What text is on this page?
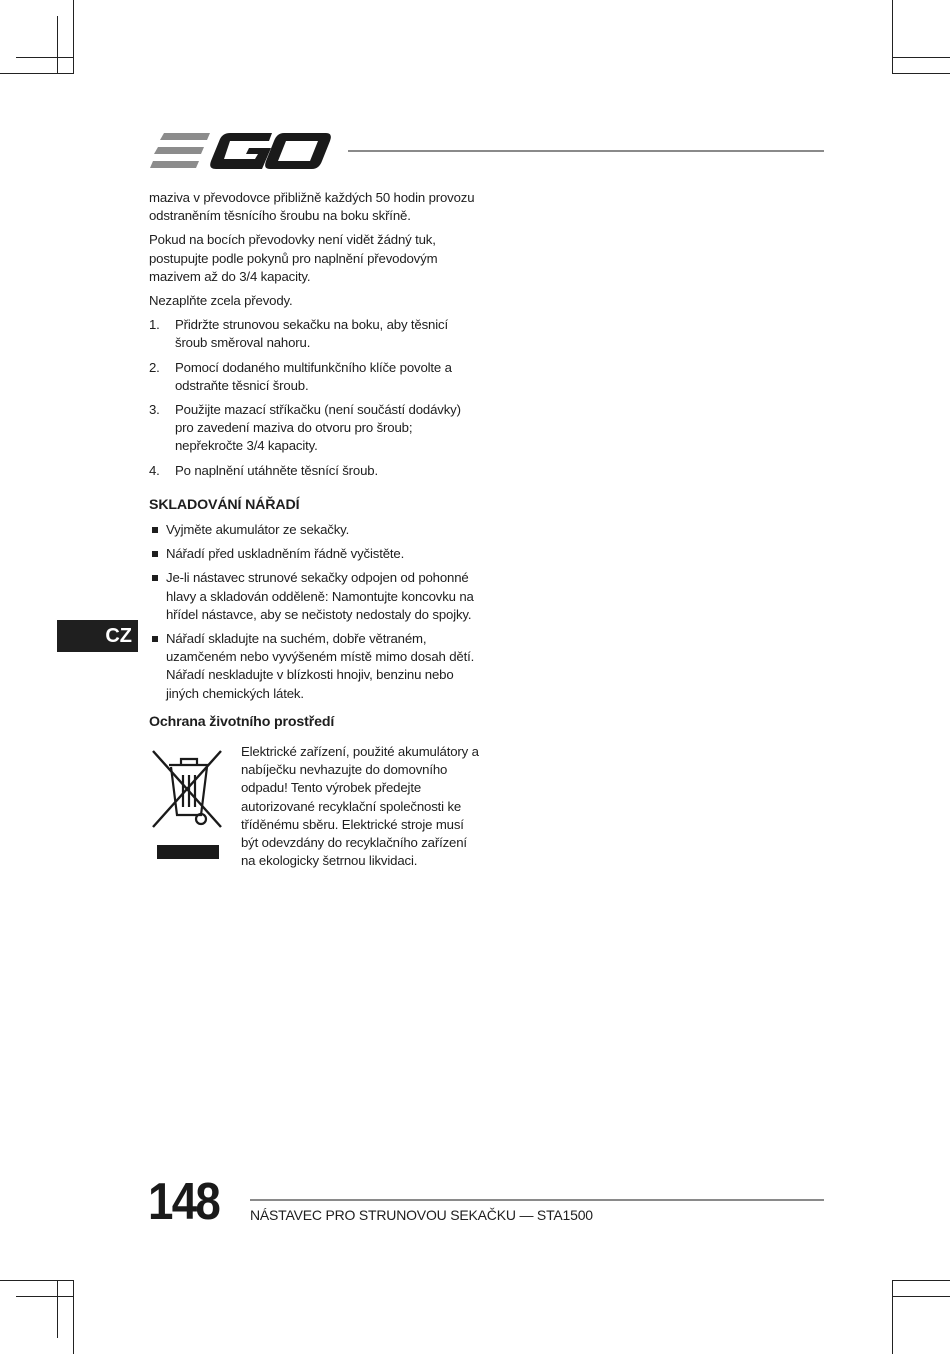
maziva v převodovce přibližně každých 50 hodin provozu odstraněním těsnícího šroubu na boku skříně.

Pokud na bocích převodovky není vidět žádný tuk, postupujte podle pokynů pro naplnění převodovým mazivem až do 3/4 kapacity.

Nezaplňte zcela převody.

1. Přidržte strunovou sekačku na boku, aby těsnicí šroub směroval nahoru.
2. Pomocí dodaného multifunkčního klíče povolte a odstraňte těsnicí šroub.
3. Použijte mazací stříkačku (není součástí dodávky) pro zavedení maziva do otvoru pro šroub; nepřekročte 3/4 kapacity.
4. Po naplnění utáhněte těsnící šroub.
SKLADOVÁNÍ NÁŘADÍ
Vyjměte akumulátor ze sekačky.
Nářadí před uskladněním řádně vyčistěte.
Je-li nástavec strunové sekačky odpojen od pohonné hlavy a skladován odděleně: Namontujte koncovku na hřídel nástavce, aby se nečistoty nedostaly do spojky.
Nářadí skladujte na suchém, dobře větraném, uzamčeném nebo vyvýšeném místě mimo dosah dětí. Nářadí neskladujte v blízkosti hnojiv, benzinu nebo jiných chemických látek.
Ochrana životního prostředí
Elektrické zařízení, použité akumulátory a nabíječku nevhazujte do domovního odpadu! Tento výrobek předejte autorizované recyklační společnosti ke tříděnému sběru. Elektrické stroje musí být odevzdány do recyklačního zařízení na ekologicky šetrnou likvidaci.
CZ
148 NÁSTAVEC PRO STRUNOVOU SEKAČKU — STA1500
